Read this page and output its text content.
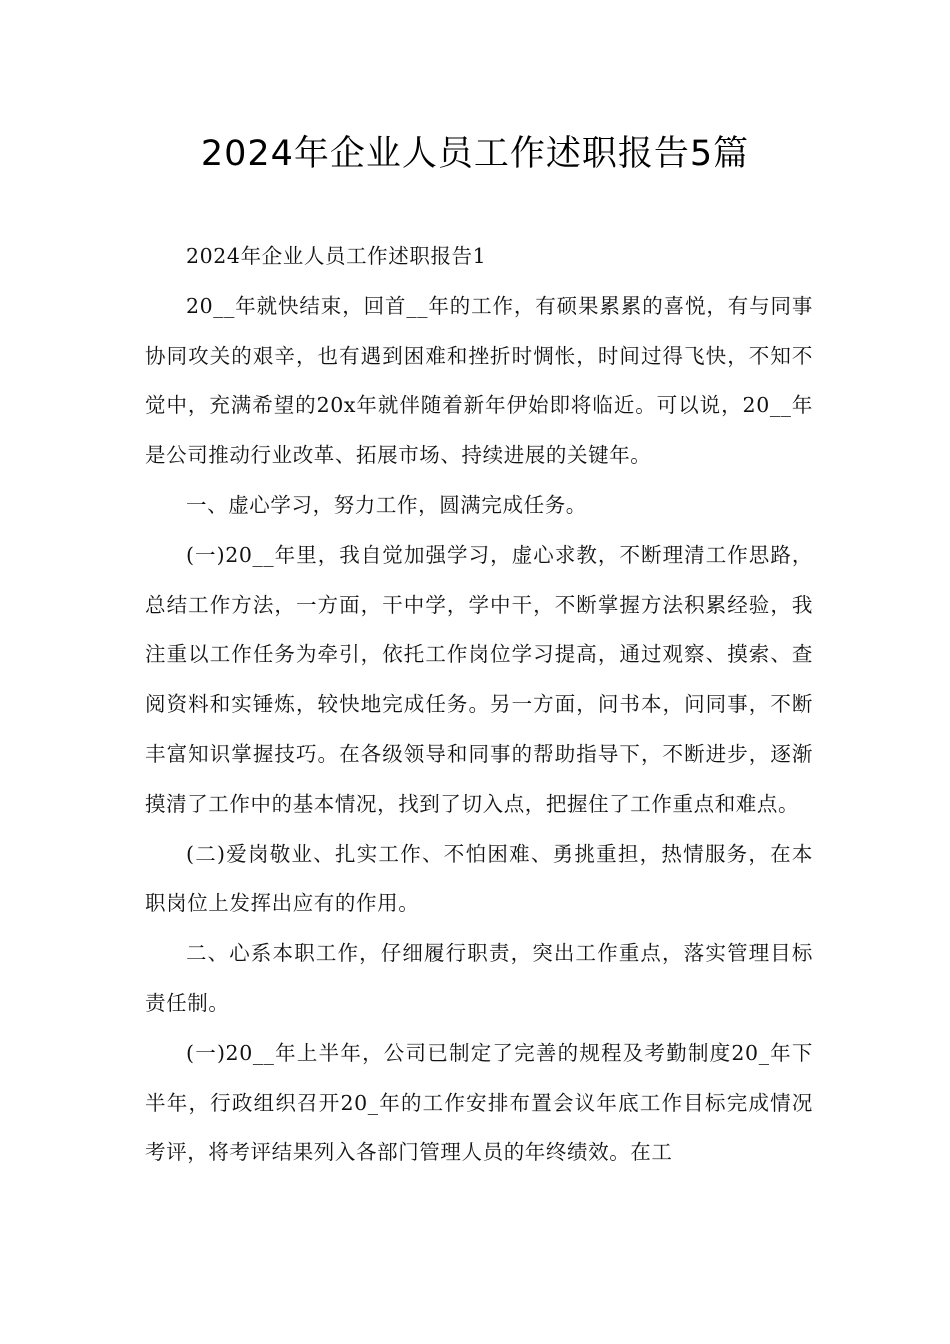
2024年企业人员工作述职报告5篇

2024年企业人员工作述职报告1

20__年就快结束，回首__年的工作，有硕果累累的喜悦，有与同事协同攻关的艰辛，也有遇到困难和挫折时惆怅，时间过得飞快，不知不觉中，充满希望的20x年就伴随着新年伊始即将临近。可以说，20__年是公司推动行业改革、拓展市场、持续进展的关键年。

一、虚心学习，努力工作，圆满完成任务。

(一)20__年里，我自觉加强学习，虚心求教，不断理清工作思路，总结工作方法，一方面，干中学，学中干，不断掌握方法积累经验，我注重以工作任务为牵引，依托工作岗位学习提高，通过观察、摸索、查阅资料和实锤炼，较快地完成任务。另一方面，问书本，问同事，不断丰富知识掌握技巧。在各级领导和同事的帮助指导下，不断进步，逐渐摸清了工作中的基本情况，找到了切入点，把握住了工作重点和难点。

(二)爱岗敬业、扎实工作、不怕困难、勇挑重担，热情服务，在本职岗位上发挥出应有的作用。

二、心系本职工作，仔细履行职责，突出工作重点，落实管理目标责任制。

(一)20__年上半年，公司已制定了完善的规程及考勤制度20_年下半年，行政组织召开20_年的工作安排布置会议年底工作目标完成情况考评，将考评结果列入各部门管理人员的年终绩效。在工
